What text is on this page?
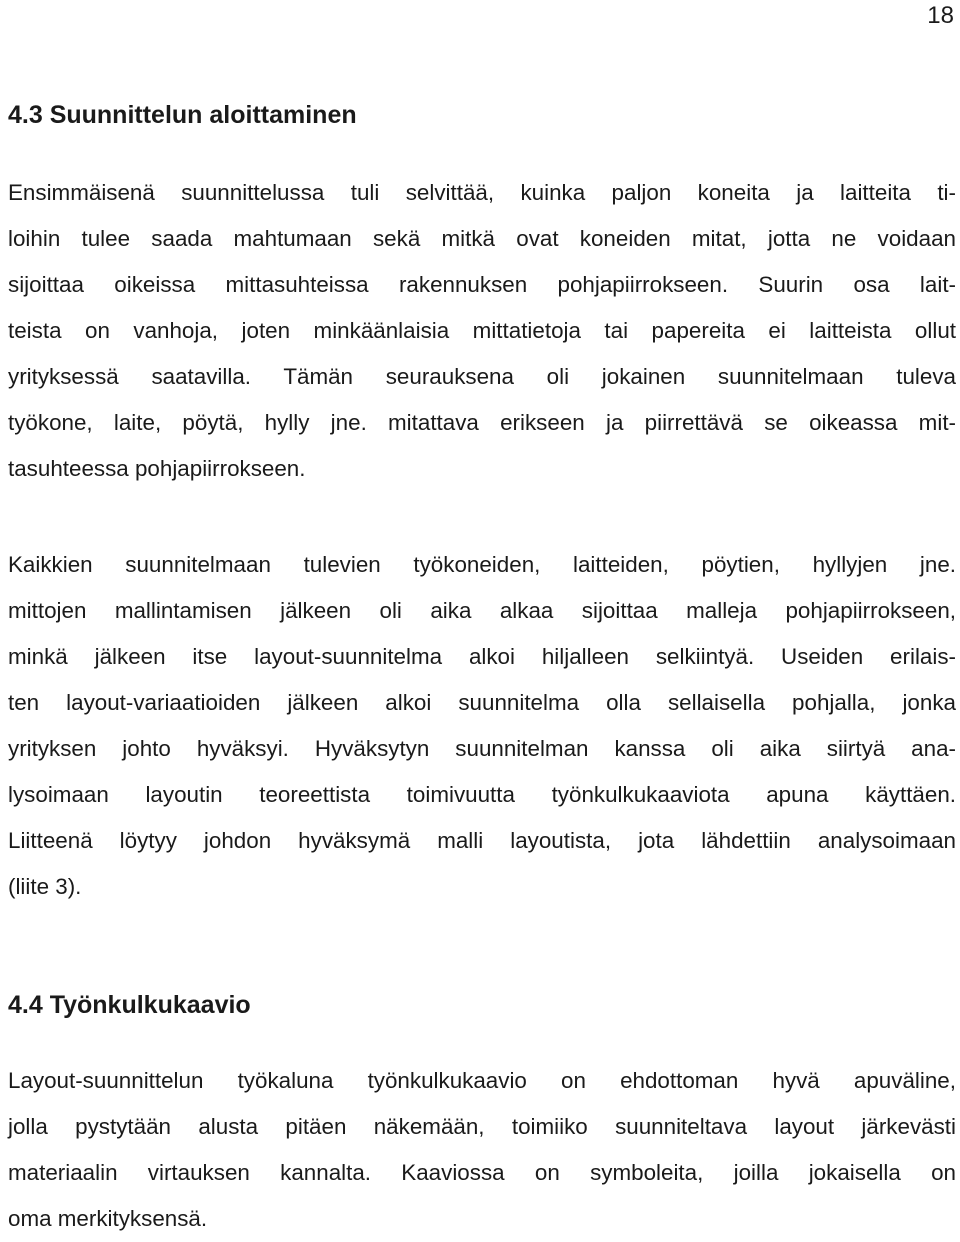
18
4.3 Suunnittelun aloittaminen
Ensimmäisenä suunnittelussa tuli selvittää, kuinka paljon koneita ja laitteita ti-
loihin tulee saada mahtumaan sekä mitkä ovat koneiden mitat, jotta ne voidaan
sijoittaa oikeissa mittasuhteissa rakennuksen pohjapiirrokseen. Suurin osa lait-
teista on vanhoja, joten minkäänlaisia mittatietoja tai papereita ei laitteista ollut
yrityksessä saatavilla. Tämän seurauksena oli jokainen suunnitelmaan tuleva
työkone, laite, pöytä, hylly jne. mitattava erikseen ja piirrettävä se oikeassa mit-
tasuhteessa pohjapiirrokseen.
Kaikkien suunnitelmaan tulevien työkoneiden, laitteiden, pöytien, hyllyjen jne.
mittojen mallintamisen jälkeen oli aika alkaa sijoittaa malleja pohjapiirrokseen,
minkä jälkeen itse layout-suunnitelma alkoi hiljalleen selkiintyä. Useiden erilais-
ten layout-variaatioiden jälkeen alkoi suunnitelma olla sellaisella pohjalla, jonka
yrityksen johto hyväksyi. Hyväksytyn suunnitelman kanssa oli aika siirtyä ana-
lysoimaan layoutin teoreettista toimivuutta työnkulkukaaviota apuna käyttäen.
Liitteenä löytyy johdon hyväksymä malli layoutista, jota lähdettiin analysoimaan
(liite 3).
4.4 Työnkulkukaavio
Layout-suunnittelun työkaluna työnkulkukaavio on ehdottoman hyvä apuväline,
jolla pystytään alusta pitäen näkemään, toimiiko suunniteltava layout järkevästi
materiaalin virtauksen kannalta. Kaaviossa on symboleita, joilla jokaisella on
oma merkityksensä.
